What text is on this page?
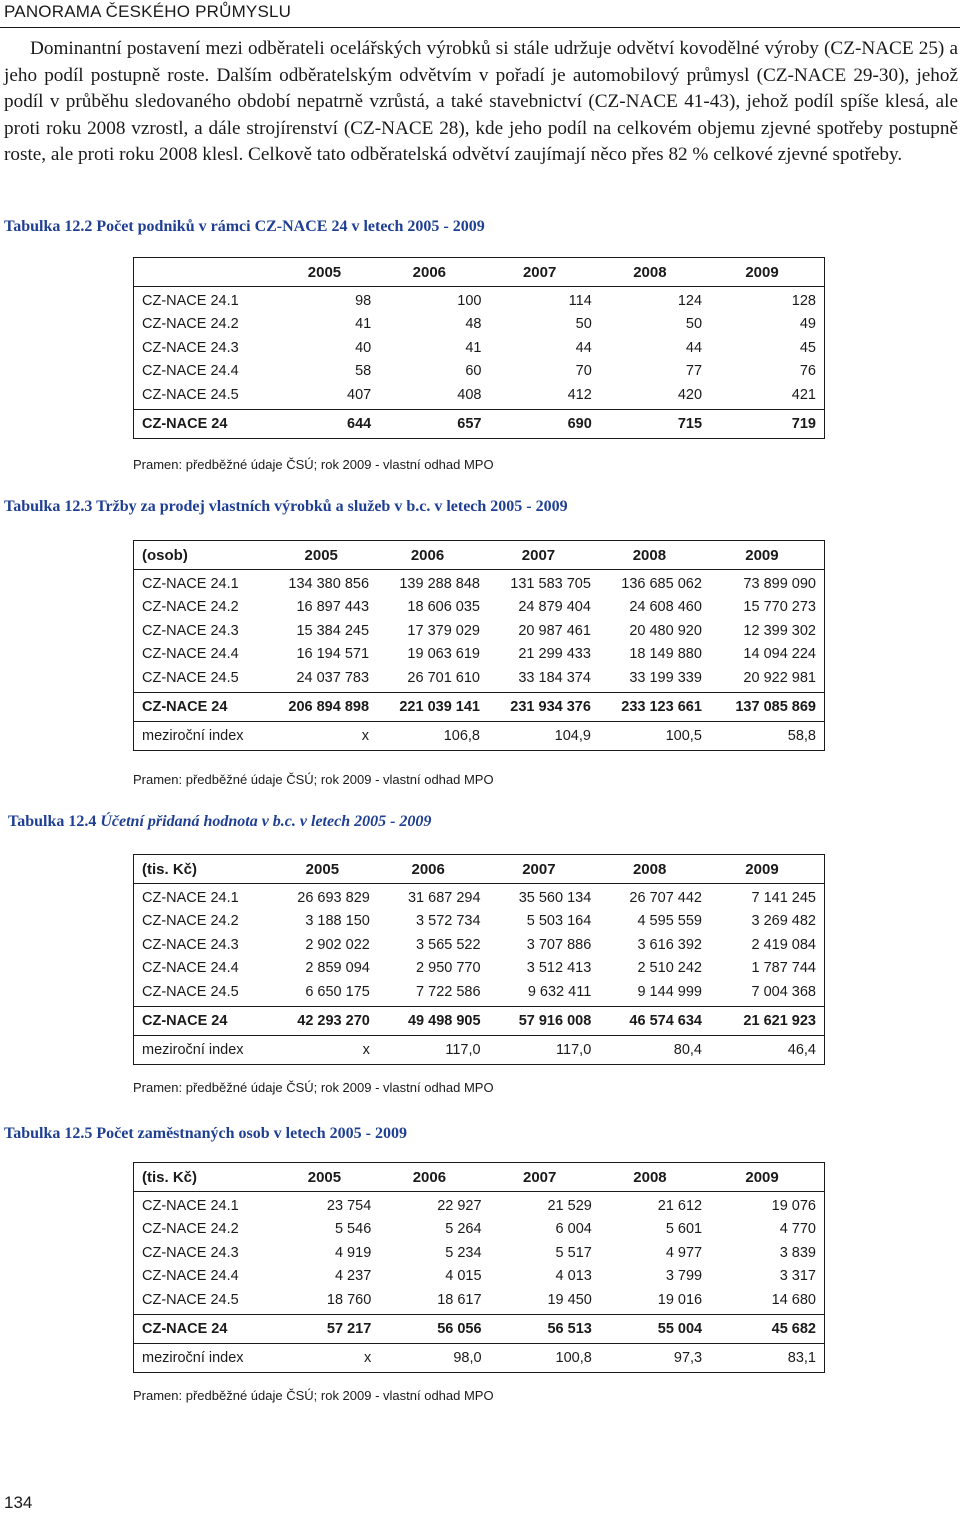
PANORAMA ČESKÉHO PRŮMYSLU

Dominantní postavení mezi odběrateli ocelářských výrobků si stále udržuje odvětví kovodělné výroby (CZ-NACE 25) a jeho podíl postupně roste. Dalším odběratelským odvětvím v pořadí je automobilový průmysl (CZ-NACE 29-30), jehož podíl v průběhu sledovaného období nepatrně vzrůstá, a také stavebnictví (CZ-NACE 41-43), jehož podíl spíše klesá, ale proti roku 2008 vzrostl, a dále strojírenství (CZ-NACE 28), kde jeho podíl na celkovém objemu zjevné spotřeby postupně roste, ale proti roku 2008 klesl. Celkově tato odběratelská odvětví zaujímají něco přes 82 % celkové zjevné spotřeby.

Tabulka 12.2 Počet podniků v rámci CZ-NACE 24 v letech 2005 - 2009
	2005	2006	2007	2008	2009
CZ-NACE 24.1	98	100	114	124	128
CZ-NACE 24.2	41	48	50	50	49
CZ-NACE 24.3	40	41	44	44	45
CZ-NACE 24.4	58	60	70	77	76
CZ-NACE 24.5	407	408	412	420	421
CZ-NACE 24	644	657	690	715	719
Pramen: předběžné údaje ČSÚ; rok 2009 - vlastní odhad MPO
Tabulka 12.3 Tržby za prodej vlastních výrobků a služeb v b.c. v letech 2005 - 2009
(osob)	2005	2006	2007	2008	2009
CZ-NACE 24.1	134 380 856	139 288 848	131 583 705	136 685 062	73 899 090
CZ-NACE 24.2	16 897 443	18 606 035	24 879 404	24 608 460	15 770 273
CZ-NACE 24.3	15 384 245	17 379 029	20 987 461	20 480 920	12 399 302
CZ-NACE 24.4	16 194 571	19 063 619	21 299 433	18 149 880	14 094 224
CZ-NACE 24.5	24 037 783	26 701 610	33 184 374	33 199 339	20 922 981
CZ-NACE 24	206 894 898	221 039 141	231 934 376	233 123 661	137 085 869
meziroční index	x	106,8	104,9	100,5	58,8
Pramen: předběžné údaje ČSÚ; rok 2009 - vlastní odhad MPO
Tabulka 12.4 Účetní přidaná hodnota v b.c. v letech 2005 - 2009
(tis. Kč)	2005	2006	2007	2008	2009
CZ-NACE 24.1	26 693 829	31 687 294	35 560 134	26 707 442	7 141 245
CZ-NACE 24.2	3 188 150	3 572 734	5 503 164	4 595 559	3 269 482
CZ-NACE 24.3	2 902 022	3 565 522	3 707 886	3 616 392	2 419 084
CZ-NACE 24.4	2 859 094	2 950 770	3 512 413	2 510 242	1 787 744
CZ-NACE 24.5	6 650 175	7 722 586	9 632 411	9 144 999	7 004 368
CZ-NACE 24	42 293 270	49 498 905	57 916 008	46 574 634	21 621 923
meziroční index	x	117,0	117,0	80,4	46,4
Pramen: předběžné údaje ČSÚ; rok 2009 - vlastní odhad MPO
Tabulka 12.5 Počet zaměstnaných osob v letech 2005 - 2009
(tis. Kč)	2005	2006	2007	2008	2009
CZ-NACE 24.1	23 754	22 927	21 529	21 612	19 076
CZ-NACE 24.2	5 546	5 264	6 004	5 601	4 770
CZ-NACE 24.3	4 919	5 234	5 517	4 977	3 839
CZ-NACE 24.4	4 237	4 015	4 013	3 799	3 317
CZ-NACE 24.5	18 760	18 617	19 450	19 016	14 680
CZ-NACE 24	57 217	56 056	56 513	55 004	45 682
meziroční index	x	98,0	100,8	97,3	83,1
Pramen: předběžné údaje ČSÚ; rok 2009 - vlastní odhad MPO
134
